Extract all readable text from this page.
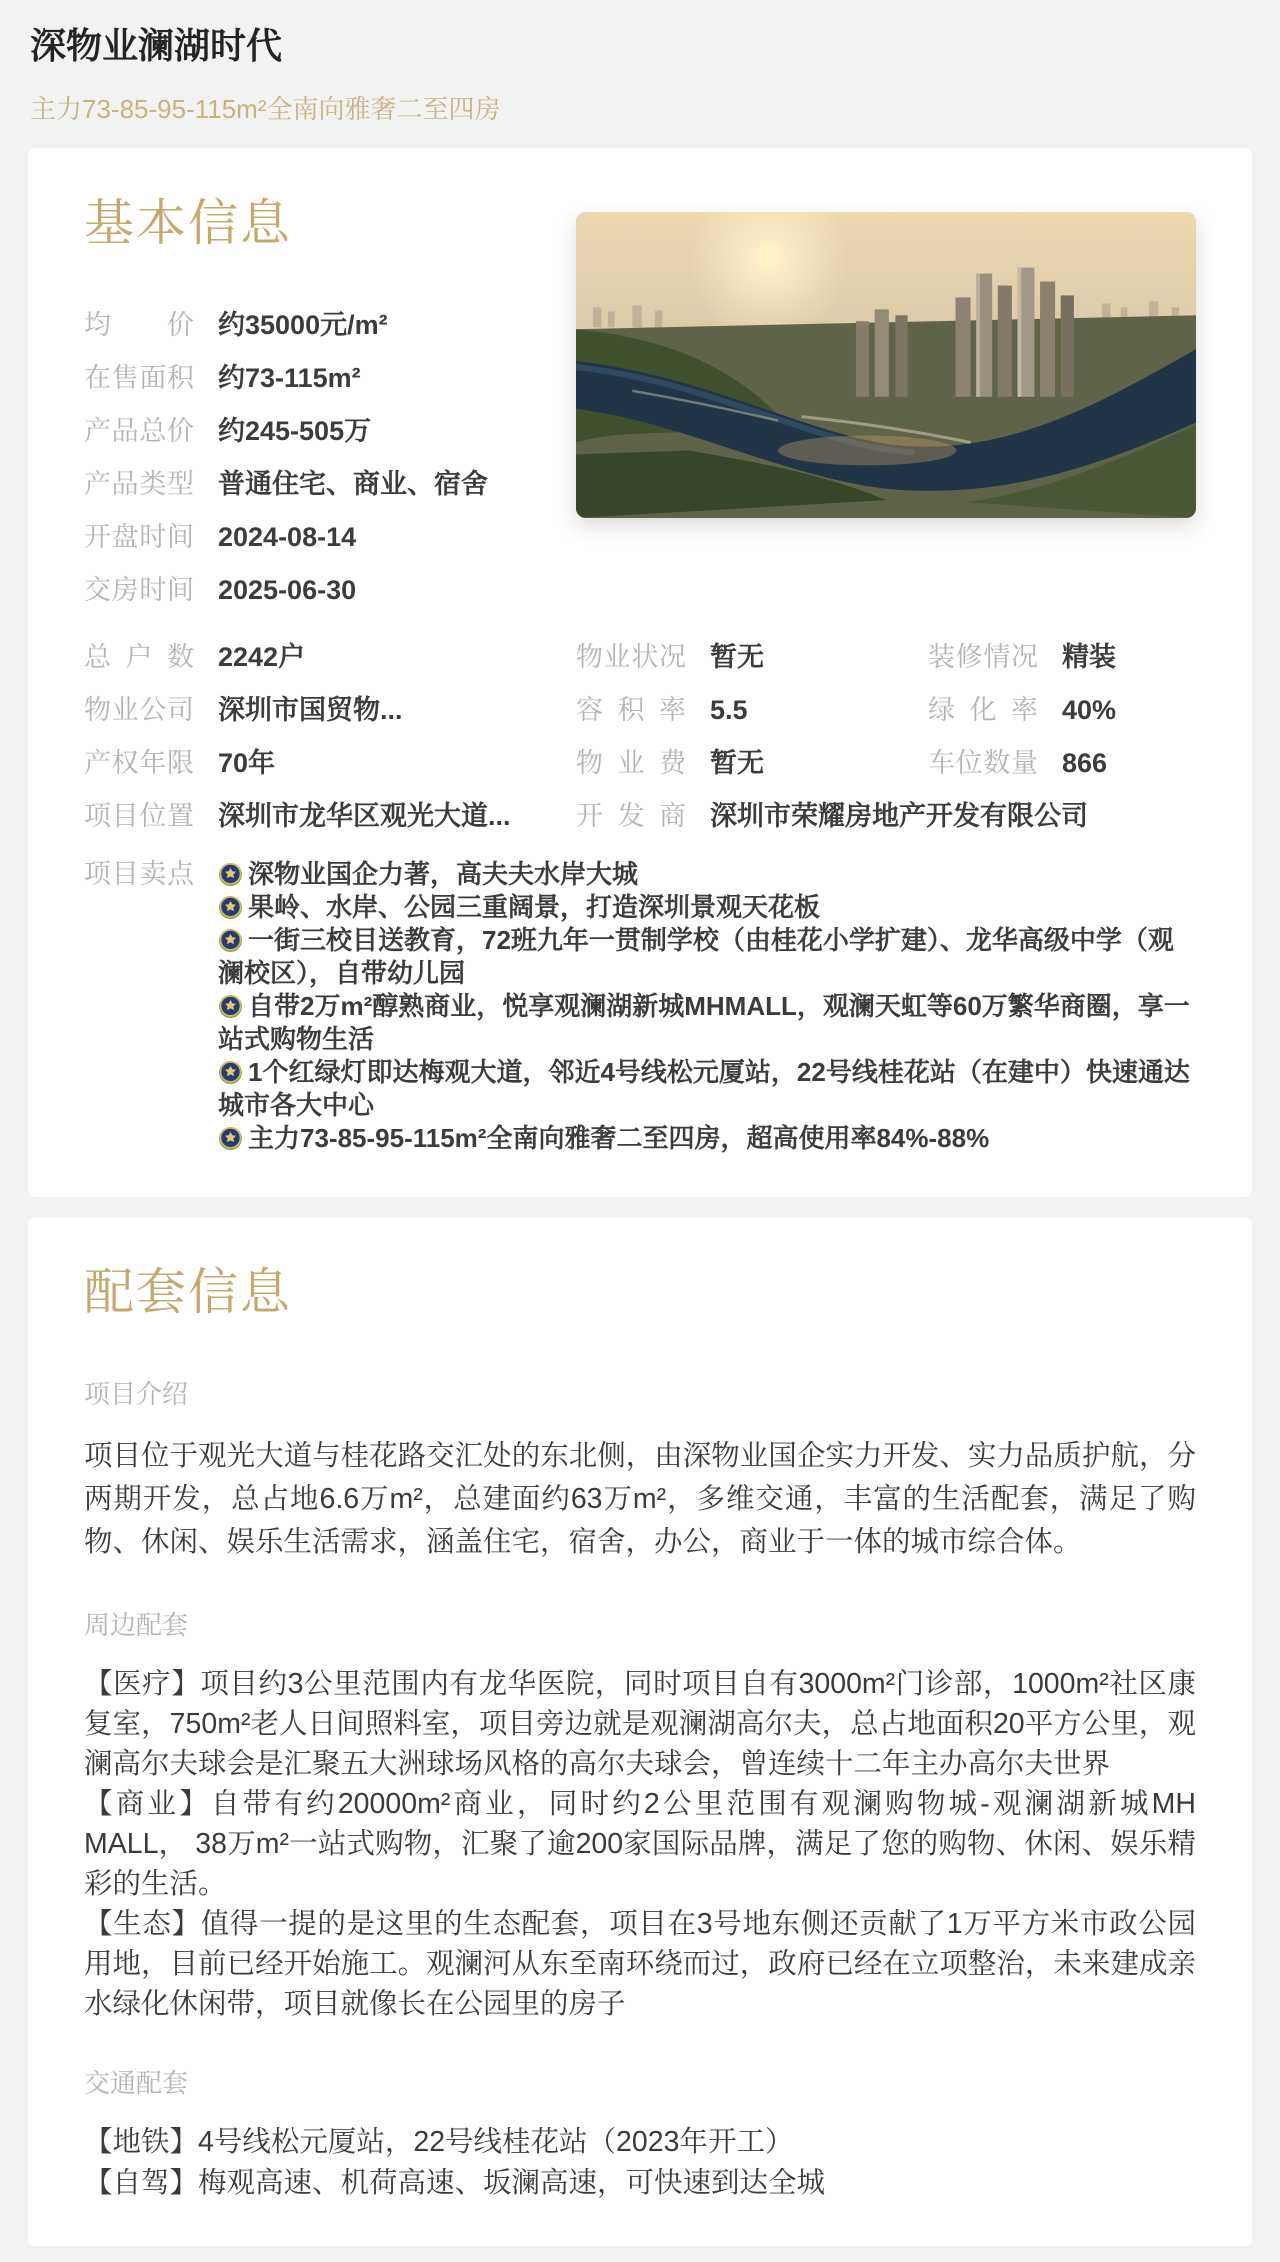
深物业澜湖时代
主力73-85-95-115m²全南向雅奢二至四房
基本信息
均价 约35000元/m²
在售面积 约73-115m²
产品总价 约245-505万
产品类型 普通住宅、商业、宿舍
开盘时间 2024-08-14
交房时间 2025-06-30
总户数 2242户	物业状况 暂无	装修情况 精装
物业公司 深圳市国贸物...	容积率 5.5	绿化率 40%
产权年限 70年	物业费 暂无	车位数量 866
项目位置 深圳市龙华区观光大道... 开发商 深圳市荣耀房地产开发有限公司
项目卖点	深物业国企力著，高夫夫水岸大城
果岭、水岸、公园三重阔景，打造深圳景观天花板
一街三校目送教育，72班九年一贯制学校（由桂花小学扩建）、龙华高级中学（观澜校区），自带幼儿园
自带2万m²醇熟商业，悦享观澜湖新城MHMALL，观澜天虹等60万繁华商圈，享一站式购物生活
1个红绿灯即达梅观大道，邻近4号线松元厦站，22号线桂花站（在建中）快速通达城市各大中心
主力73-85-95-115m²全南向雅奢二至四房，超高使用率84%-88%
配套信息

项目介绍

项目位于观光大道与桂花路交汇处的东北侧，由深物业国企实力开发、实力品质护航，分两期开发，总占地6.6万m²，总建面约63万m²，多维交通，丰富的生活配套，满足了购物、休闲、娱乐生活需求，涵盖住宅，宿舍，办公，商业于一体的城市综合体。

周边配套

【医疗】项目约3公里范围内有龙华医院，同时项目自有3000m²门诊部，1000m²社区康复室，750m²老人日间照料室，项目旁边就是观澜湖高尔夫，总占地面积20平方公里，观澜高尔夫球会是汇聚五大洲球场风格的高尔夫球会，曾连续十二年主办高尔夫世界

【商业】自带有约20000m²商业，同时约2公里范围有观澜购物城-观澜湖新城MH MALL， 38万m²一站式购物，汇聚了逾200家国际品牌，满足了您的购物、休闲、娱乐精彩的生活。

【生态】值得一提的是这里的生态配套，项目在3号地东侧还贡献了1万平方米市政公园用地，目前已经开始施工。观澜河从东至南环绕而过，政府已经在立项整治，未来建成亲水绿化休闲带，项目就像长在公园里的房子

交通配套

【地铁】4号线松元厦站，22号线桂花站（2023年开工）

【自驾】梅观高速、机荷高速、坂澜高速，可快速到达全城
